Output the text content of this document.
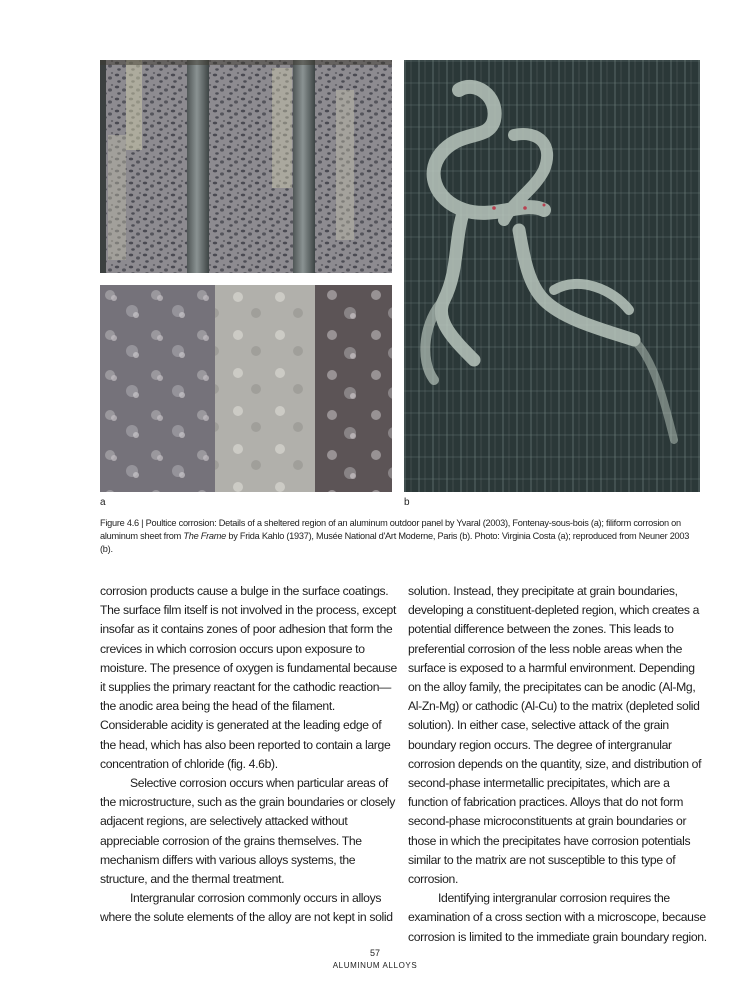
a	b
Figure 4.6 | Poultice corrosion: Details of a sheltered region of an aluminum outdoor panel by Yvaral (2003), Fontenay-sous-bois (a); filiform corrosion on aluminum sheet from The Frame by Frida Kahlo (1937), Musée National d'Art Moderne, Paris (b). Photo: Virginia Costa (a); reproduced from Neuner 2003 (b).

corrosion products cause a bulge in the surface coatings. The surface film itself is not involved in the process, except insofar as it contains zones of poor adhesion that form the crevices in which corrosion occurs upon exposure to moisture. The presence of oxygen is fundamental because it supplies the primary reactant for the cathodic reaction—the anodic area being the head of the filament. Considerable acidity is generated at the leading edge of the head, which has also been reported to contain a large concentration of chloride (fig. 4.6b).

Selective corrosion occurs when particular areas of the microstructure, such as the grain boundaries or closely adjacent regions, are selectively attacked without appreciable corrosion of the grains themselves. The mechanism differs with various alloys systems, the structure, and the thermal treatment.

Intergranular corrosion commonly occurs in alloys where the solute elements of the alloy are not kept in solid

solution. Instead, they precipitate at grain boundaries, developing a constituent-depleted region, which creates a potential difference between the zones. This leads to preferential corrosion of the less noble areas when the surface is exposed to a harmful environment. Depending on the alloy family, the precipitates can be anodic (Al-Mg, Al-Zn-Mg) or cathodic (Al-Cu) to the matrix (depleted solid solution). In either case, selective attack of the grain boundary region occurs. The degree of intergranular corrosion depends on the quantity, size, and distribution of second-phase intermetallic precipitates, which are a function of fabrication practices. Alloys that do not form second-phase microconstituents at grain boundaries or those in which the precipitates have corrosion potentials similar to the matrix are not susceptible to this type of corrosion.

Identifying intergranular corrosion requires the examination of a cross section with a microscope, because corrosion is limited to the immediate grain boundary region.

57
ALUMINUM ALLOYS
